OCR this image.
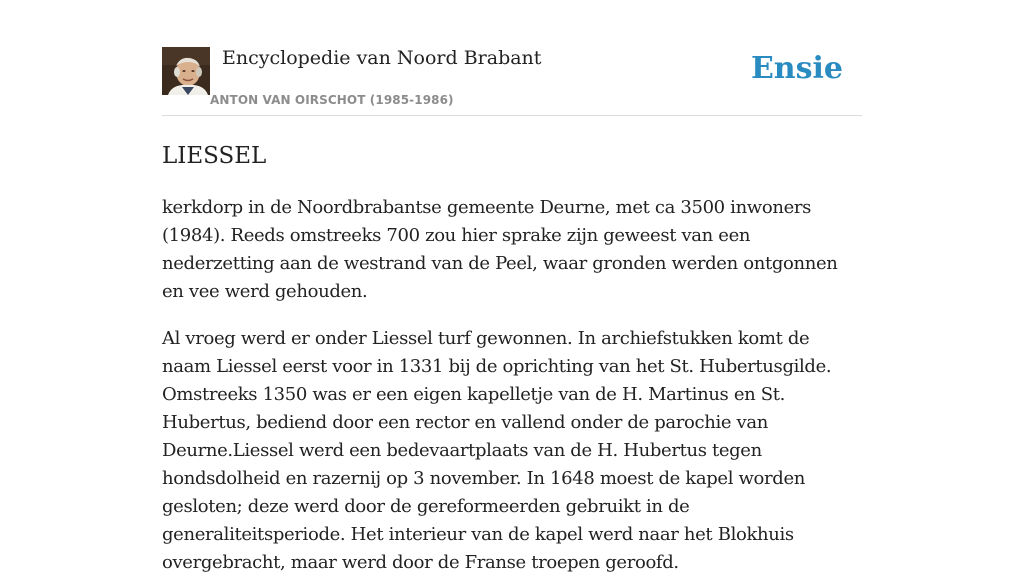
Encyclopedie van Noord Brabant
ANTON VAN OIRSCHOT (1985-1986)
Ensie
LIESSEL

kerkdorp in de Noordbrabantse gemeente Deurne, met ca 3500 inwoners (1984). Reeds omstreeks 700 zou hier sprake zijn geweest van een nederzetting aan de westrand van de Peel, waar gronden werden ontgonnen en vee werd gehouden.

Al vroeg werd er onder Liessel turf gewonnen. In archiefstukken komt de naam Liessel eerst voor in 1331 bij de oprichting van het St. Hubertusgilde. Omstreeks 1350 was er een eigen kapelletje van de H. Martinus en St. Hubertus, bediend door een rector en vallend onder de parochie van Deurne.Liessel werd een bedevaartplaats van de H. Hubertus tegen hondsdolheid en razernij op 3 november. In 1648 moest de kapel worden gesloten; deze werd door de gereformeerden gebruikt in de generaliteitsperiode. Het interieur van de kapel werd naar het Blokhuis overgebracht, maar werd door de Franse troepen geroofd.
